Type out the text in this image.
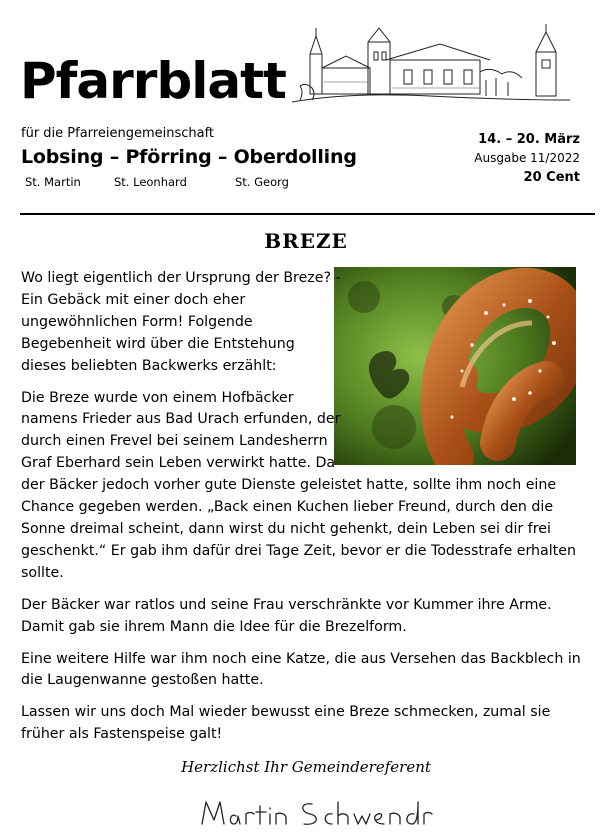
Pfarrblatt
für die Pfarreiengemeinschaft
Lobsing – Pförring – Oberdolling
St. Martin	St. Leonhard	St. Georg
14. – 20. März
Ausgabe 11/2022
20 Cent
BREZE

Wo liegt eigentlich der Ursprung der Breze? - Ein Gebäck mit einer doch eher ungewöhnlichen Form! Folgende Begebenheit wird über die Entstehung dieses beliebten Backwerks erzählt:

Die Breze wurde von einem Hofbäcker namens Frieder aus Bad Urach erfunden, der durch einen Frevel bei seinem Landesherrn Graf Eberhard sein Leben verwirkt hatte. Da der Bäcker jedoch vorher gute Dienste geleistet hatte, sollte ihm noch eine Chance gegeben werden. „Back einen Kuchen lieber Freund, durch den die Sonne dreimal scheint, dann wirst du nicht gehenkt, dein Leben sei dir frei geschenkt.“ Er gab ihm dafür drei Tage Zeit, bevor er die Todesstrafe erhalten sollte.

Der Bäcker war ratlos und seine Frau verschränkte vor Kummer ihre Arme. Damit gab sie ihrem Mann die Idee für die Brezelform.

Eine weitere Hilfe war ihm noch eine Katze, die aus Versehen das Backblech in die Laugenwanne gestoßen hatte.

Lassen wir uns doch Mal wieder bewusst eine Breze schmecken, zumal sie früher als Fastenspeise galt!

Herzlichst Ihr Gemeindereferent
